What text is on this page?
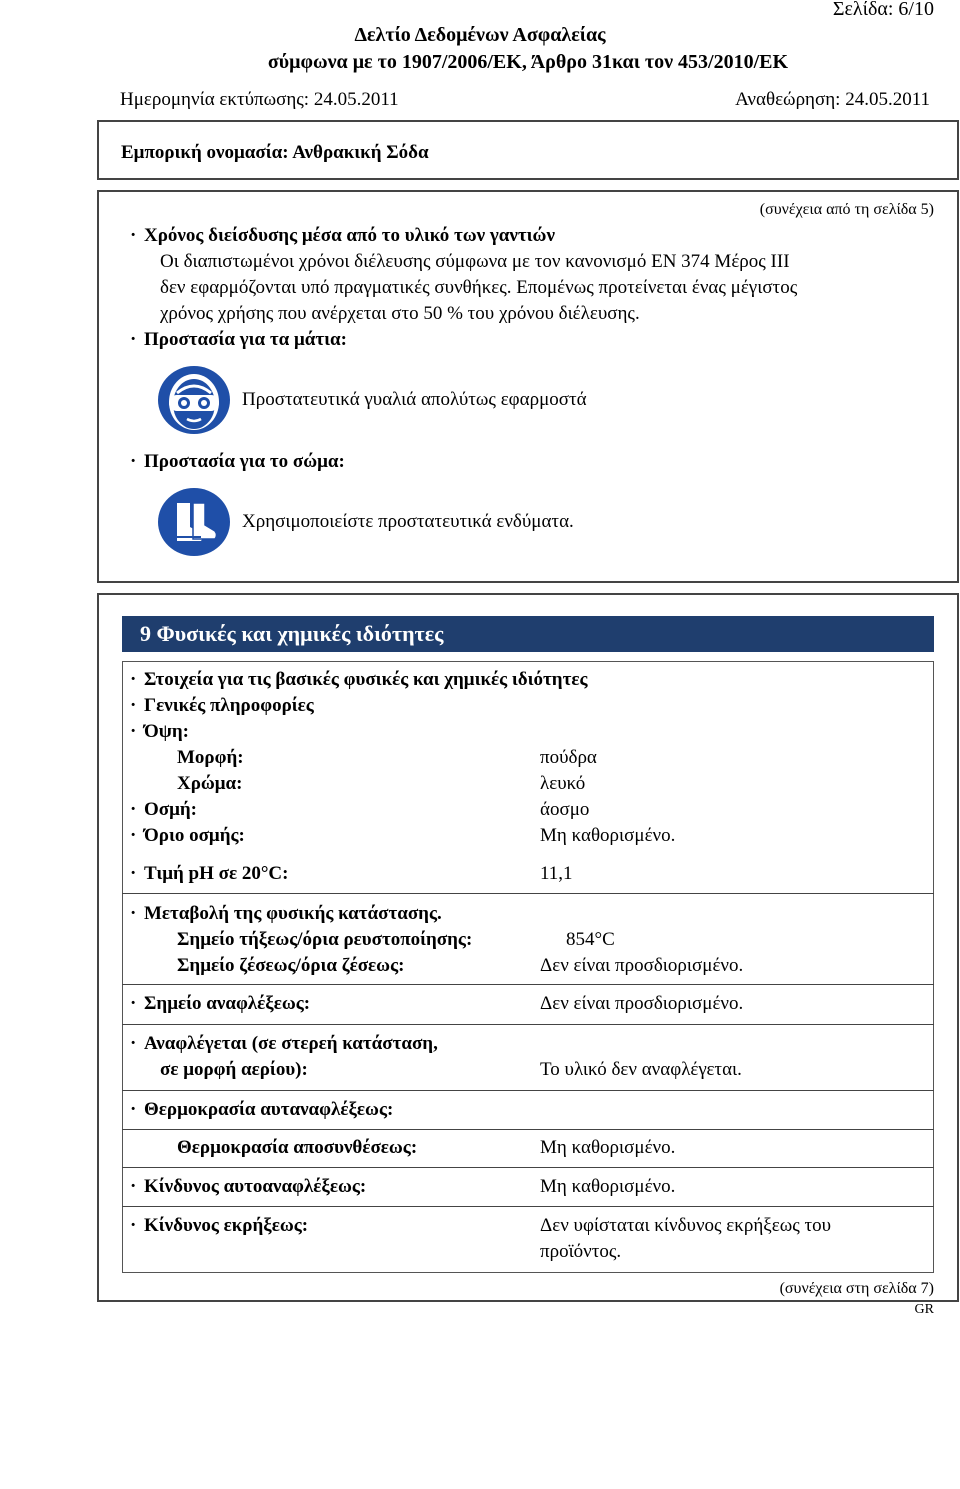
Σελίδα: 6/10
Δελτίο Δεδομένων Ασφαλείας
σύμφωνα με το 1907/2006/ΕΚ, Άρθρο 31και τον 453/2010/ΕΚ
Ημερομηνία εκτύπωσης: 24.05.2011	Αναθεώρηση: 24.05.2011
Εμπορική ονομασία: Ανθρακική Σόδα
(συνέχεια από τη σελίδα 5)
· Χρόνος διείσδυσης μέσα από το υλικό των γαντιών
Οι διαπιστωμένοι χρόνοι διέλευσης σύμφωνα με τον κανονισμό EN 374 Μέρος III
δεν εφαρμόζονται υπό πραγματικές συνθήκες. Επομένως προτείνεται ένας μέγιστος
χρόνος χρήσης που ανέρχεται στο 50 % του χρόνου διέλευσης.
· Προστασία για τα μάτια:
Προστατευτικά γυαλιά απολύτως εφαρμοστά
· Προστασία για το σώμα:
Χρησιμοποιείστε προστατευτικά ενδύματα.
9 Φυσικές και χημικές ιδιότητες
· Στοιχεία για τις βασικές φυσικές και χημικές ιδιότητες
· Γενικές πληροφορίες
· Όψη:
Μορφή:	πούδρα
Χρώμα:	λευκό
· Οσμή:	άοσμο
· Όριο οσμής:	Μη καθορισμένο.
· Τιμή pH σε 20°C:	11,1
· Μεταβολή της φυσικής κατάστασης.
Σημείο τήξεως/όρια ρευστοποίησης:	854°C
Σημείο ζέσεως/όρια ζέσεως:	Δεν είναι προσδιορισμένο.
· Σημείο αναφλέξεως:	Δεν είναι προσδιορισμένο.
· Αναφλέγεται (σε στερεή κατάσταση,
σε μορφή αερίου):	Το υλικό δεν αναφλέγεται.
· Θερμοκρασία αυταναφλέξεως:
Θερμοκρασία αποσυνθέσεως:	Μη καθορισμένο.
· Κίνδυνος αυτοαναφλέξεως:	Μη καθορισμένο.
· Κίνδυνος εκρήξεως:	Δεν υφίσταται κίνδυνος εκρήξεως του
προϊόντος.
(συνέχεια στη σελίδα 7)
GR
